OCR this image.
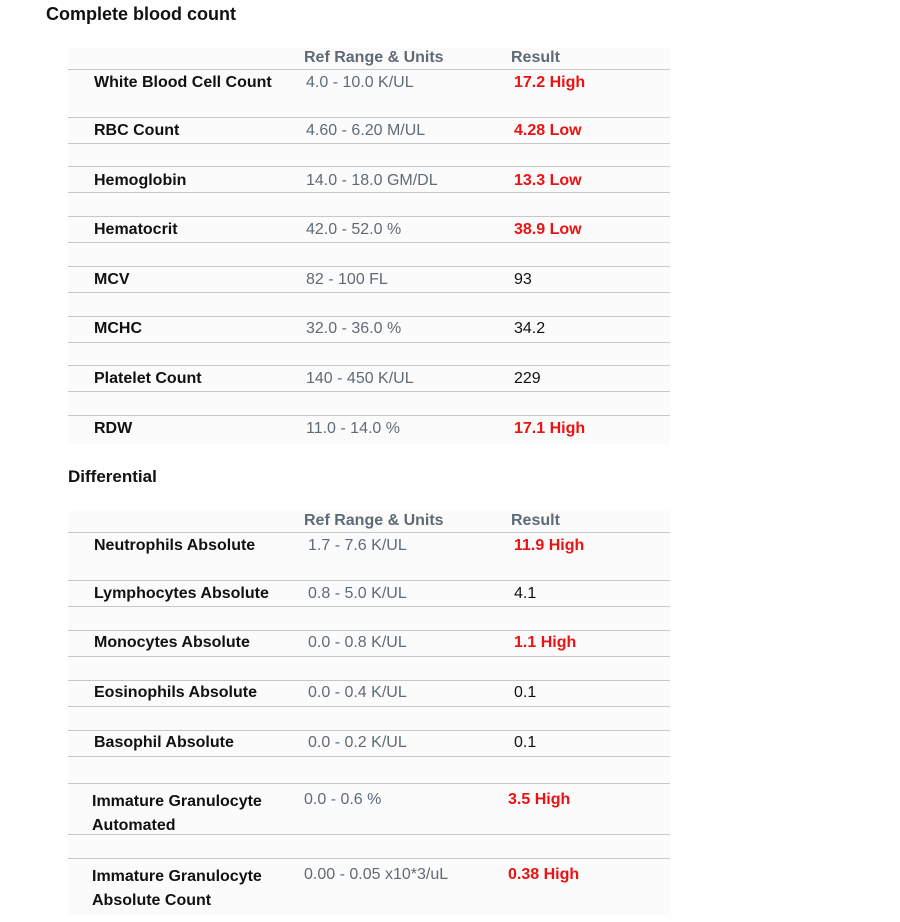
Complete blood count
Ref Range & Units	Result
White Blood Cell Count 4.0 - 10.0 K/UL	17.2 High
RBC Count	4.60 - 6.20 M/UL	4.28 Low
Hemoglobin	14.0 - 18.0 GM/DL	13.3 Low
Hematocrit	42.0 - 52.0 %	38.9 Low
MCV	82 - 100 FL	93
MCHC	32.0 - 36.0 %	34.2
Platelet Count	140 - 450 K/UL	229
RDW	11.0 - 14.0 %	17.1 High
Differential
Ref Range & Units	Result
Neutrophils Absolute	1.7 - 7.6 K/UL	11.9 High
Lymphocytes Absolute 0.8 - 5.0 K/UL	4.1
Monocytes Absolute	0.0 - 0.8 K/UL	1.1 High
Eosinophils Absolute	0.0 - 0.4 K/UL	0.1
Basophil Absolute	0.0 - 0.2 K/UL	0.1
Immature Granulocyte
Automated
0.0 - 0.6 %	3.5 High
Immature Granulocyte
Absolute Count
0.00 - 0.05 x10*3/uL	0.38 High
